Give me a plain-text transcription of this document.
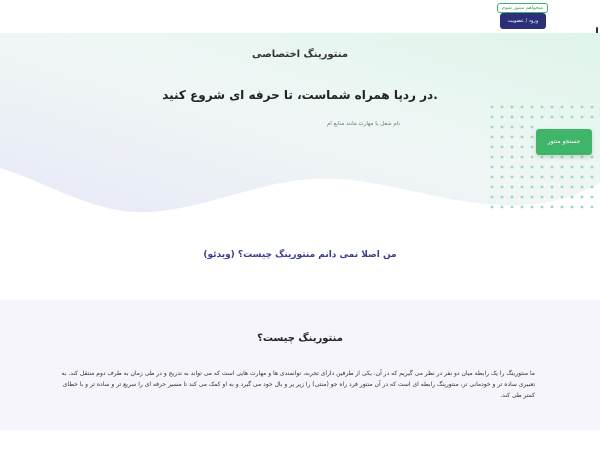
میخواهم منتور شوم
ورود / عضویت
منتورینگ اختصاصی
در ردپا همراه شماست، تا حرفه ای شروع کنید.
نام شغل یا مهارت مانند منابع ام
جستجو منتور
من اصلا نمی دانم منتورینگ چیست؟ (ویدئو)
منتورینگ چیست؟

ما منتورینگ را یک رابطه میان دو نفر در نظر می گیریم که در آن، یکی از طرفین دارای تجربه، توانمندی ها و مهارت هایی است که می تواند به تدریج و در طی زمان به طرف دوم منتقل کند. به تعبیری ساده تر و خودمانی تر، منتورینگ رابطه ای است که در آن منتور فرد راه جو (منتی) را زیر پر و بال خود می گیرد و به او کمک می کند تا مسیر حرفه ای را سریع تر و ساده تر و با خطای کمتر طی کند.
